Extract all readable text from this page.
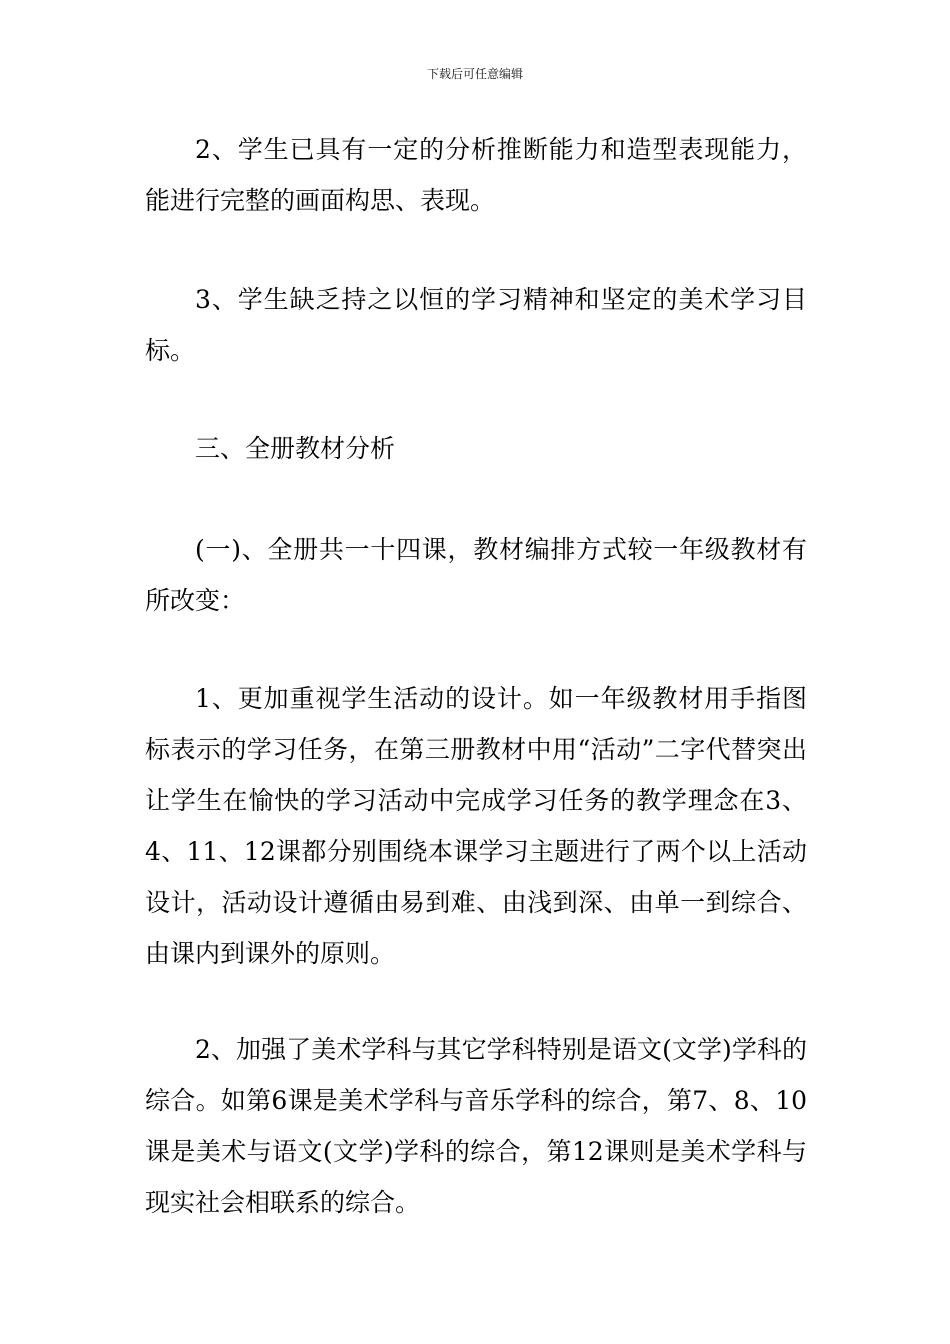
下载后可任意编辑

2、学生已具有一定的分析推断能力和造型表现能力，能进行完整的画面构思、表现。

3、学生缺乏持之以恒的学习精神和坚定的美术学习目标。

三、全册教材分析

(一)、全册共一十四课，教材编排方式较一年级教材有所改变：

1、更加重视学生活动的设计。如一年级教材用手指图标表示的学习任务，在第三册教材中用“活动”二字代替突出让学生在愉快的学习活动中完成学习任务的教学理念在3、4、11、12课都分别围绕本课学习主题进行了两个以上活动设计，活动设计遵循由易到难、由浅到深、由单一到综合、由课内到课外的原则。

2、加强了美术学科与其它学科特别是语文(文学)学科的综合。如第6课是美术学科与音乐学科的综合，第7、8、10课是美术与语文(文学)学科的综合，第12课则是美术学科与现实社会相联系的综合。
